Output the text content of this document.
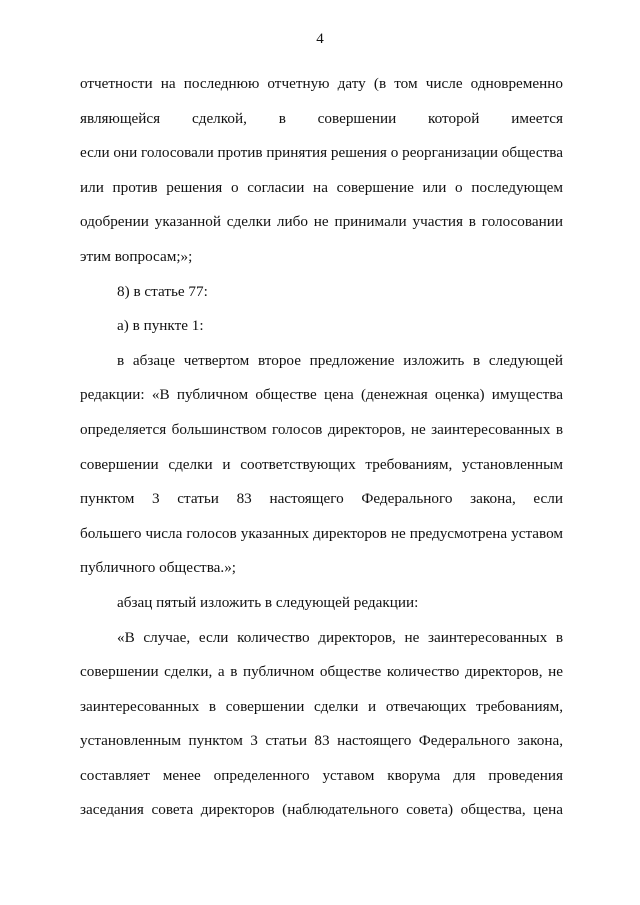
4
отчетности на последнюю отчетную дату (в том числе одновременно
являющейся сделкой, в совершении которой имеется
если они голосовали против принятия решения о реорганизации общества
или против решения о согласии на совершение или о последующем
одобрении указанной сделки либо не принимали участия в голосовании
этим вопросам;»;
8) в статье 77:
а) в пункте 1:
в абзаце четвертом второе предложение изложить в следующей
редакции: «В публичном обществе цена (денежная оценка) имущества
определяется большинством голосов директоров, не заинтересованных в
совершении сделки и соответствующих требованиям, установленным
пунктом 3 статьи 83 настоящего Федерального закона, если
большего числа голосов указанных директоров не предусмотрена уставом
публичного общества.»;
абзац пятый изложить в следующей редакции:
«В случае, если количество директоров, не заинтересованных в
совершении сделки, а в публичном обществе количество директоров, не
заинтересованных в совершении сделки и отвечающих требованиям,
установленным пунктом 3 статьи 83 настоящего Федерального закона,
составляет менее определенного уставом кворума для проведения
заседания совета директоров (наблюдательного совета) общества, цена
